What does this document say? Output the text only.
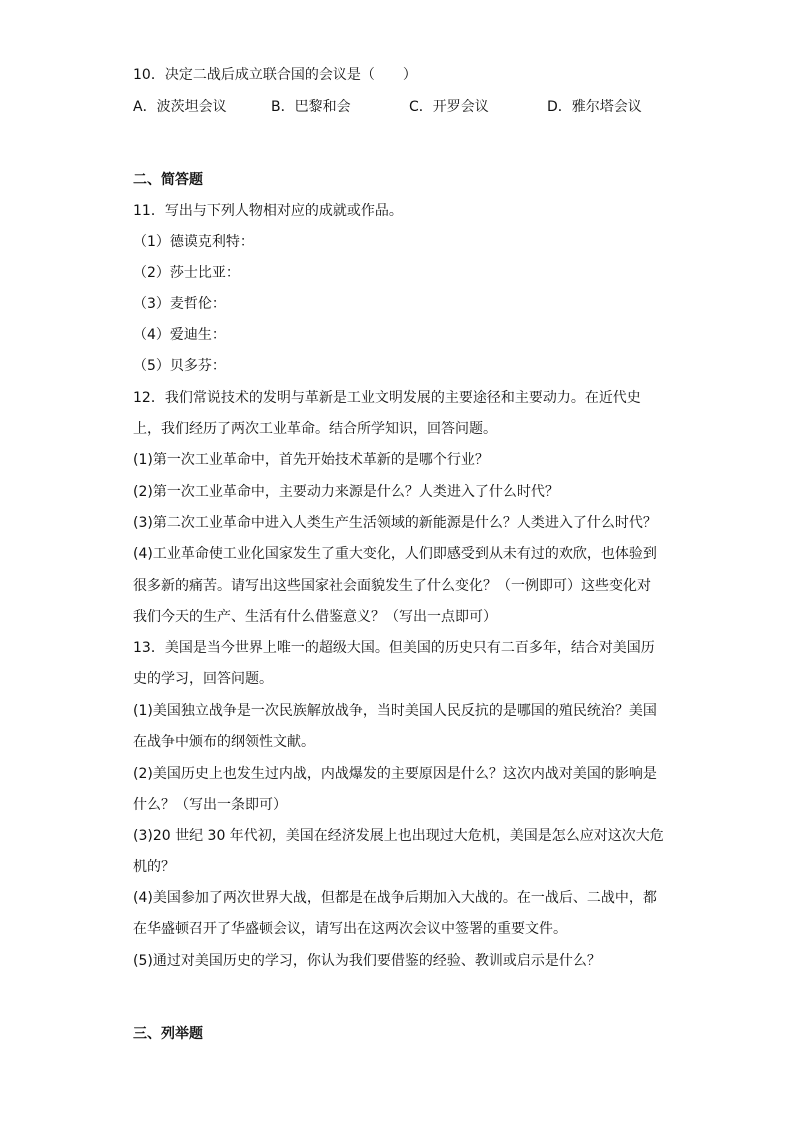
10．决定二战后成立联合国的会议是（　　）
A．波茨坦会议	B．巴黎和会	C．开罗会议	D．雅尔塔会议
二、简答题
11．写出与下列人物相对应的成就或作品。
（1）德谟克利特：
（2）莎士比亚：
（3）麦哲伦：
（4）爱迪生：
（5）贝多芬：
12．我们常说技术的发明与革新是工业文明发展的主要途径和主要动力。在近代史
上，我们经历了两次工业革命。结合所学知识，回答问题。
(1)第一次工业革命中，首先开始技术革新的是哪个行业？
(2)第一次工业革命中，主要动力来源是什么？人类进入了什么时代？
(3)第二次工业革命中进入人类生产生活领域的新能源是什么？人类进入了什么时代？
(4)工业革命使工业化国家发生了重大变化，人们即感受到从未有过的欢欣，也体验到
很多新的痛苦。请写出这些国家社会面貌发生了什么变化？（一例即可）这些变化对
我们今天的生产、生活有什么借鉴意义？（写出一点即可）
13．美国是当今世界上唯一的超级大国。但美国的历史只有二百多年，结合对美国历
史的学习，回答问题。
(1)美国独立战争是一次民族解放战争，当时美国人民反抗的是哪国的殖民统治？美国
在战争中颁布的纲领性文献。
(2)美国历史上也发生过内战，内战爆发的主要原因是什么？这次内战对美国的影响是
什么？（写出一条即可）
(3)20 世纪 30 年代初，美国在经济发展上也出现过大危机，美国是怎么应对这次大危
机的？
(4)美国参加了两次世界大战，但都是在战争后期加入大战的。在一战后、二战中，都
在华盛顿召开了华盛顿会议，请写出在这两次会议中签署的重要文件。
(5)通过对美国历史的学习，你认为我们要借鉴的经验、教训或启示是什么？
三、列举题
